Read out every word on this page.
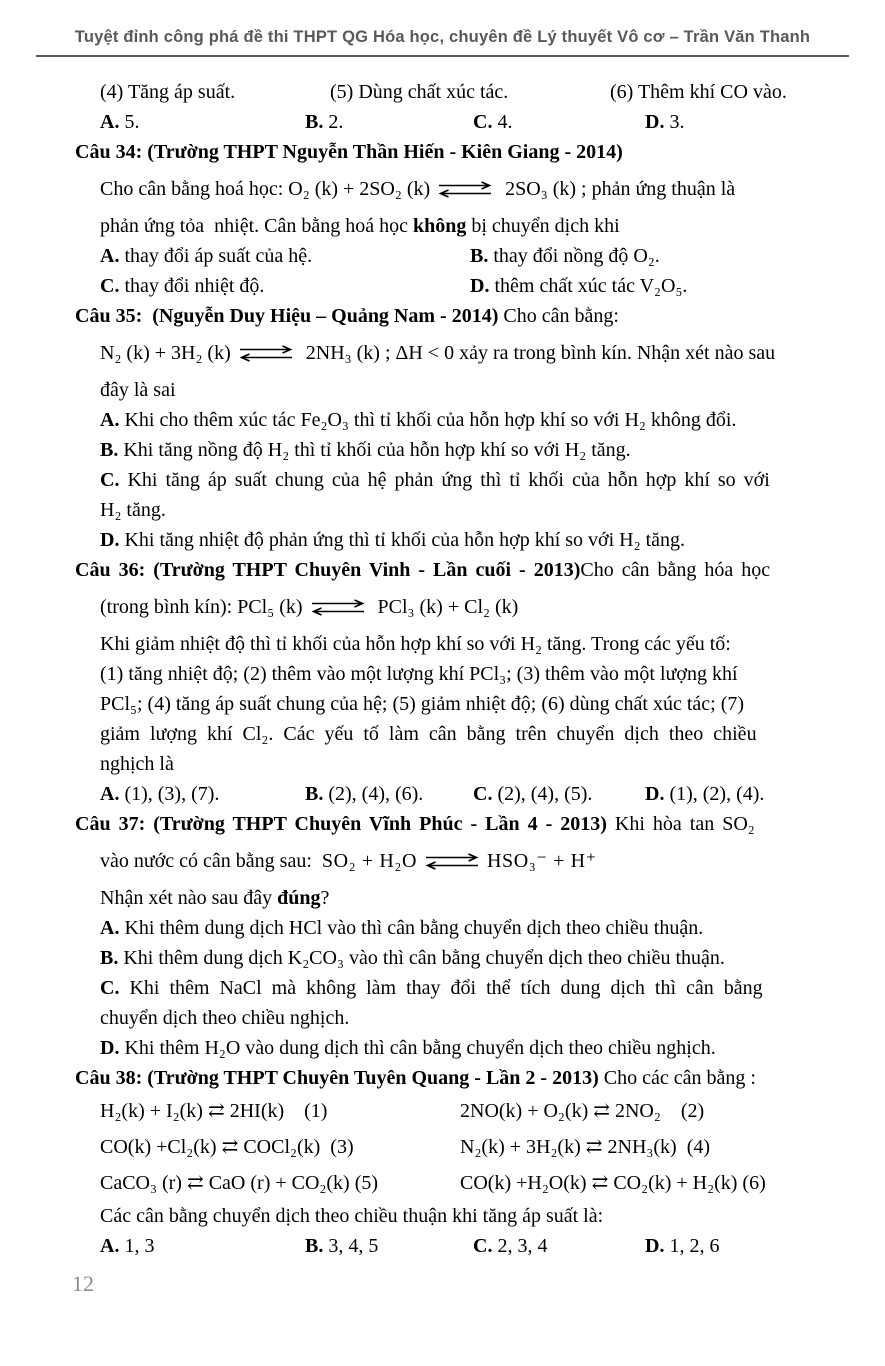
Tuyệt đỉnh công phá đề thi THPT QG Hóa học, chuyên đề Lý thuyết Vô cơ – Trần Văn Thanh
(4) Tăng áp suất.	(5) Dùng chất xúc tác.	(6) Thêm khí CO vào.
A. 5.	B. 2.	C. 4.	D. 3.
Câu 34: (Trường THPT Nguyễn Thần Hiến - Kiên Giang - 2014)
Cho cân bằng hoá học: O₂ (k) + 2SO₂ (k) ⇌ 2SO₃ (k) ; phản ứng thuận là
phản ứng tỏa  nhiệt. Cân bằng hoá học không bị chuyển dịch khi
A. thay đổi áp suất của hệ.	B. thay đổi nồng độ O₂.
C. thay đổi nhiệt độ.	D. thêm chất xúc tác V₂O₅.
Câu 35:  (Nguyễn Duy Hiệu – Quảng Nam - 2014) Cho cân bằng:
N₂ (k) + 3H₂ (k) ⇌ 2NH₃ (k) ; ΔH < 0 xảy ra trong bình kín. Nhận xét nào sau
đây là sai
A. Khi cho thêm xúc tác Fe₂O₃ thì tỉ khối của hỗn hợp khí so với H₂ không đổi.
B. Khi tăng nồng độ H₂ thì tỉ khối của hỗn hợp khí so với H₂ tăng.
C. Khi tăng áp suất chung của hệ phản ứng thì tỉ khối của hỗn hợp khí so với
H₂ tăng.
D. Khi tăng nhiệt độ phản ứng thì tỉ khối của hỗn hợp khí so với H₂ tăng.
Câu 36: (Trường THPT Chuyên Vinh - Lần cuối - 2013)Cho cân bằng hóa học
(trong bình kín): PCl₅ (k) ⇌ PCl₃ (k) + Cl₂ (k)
Khi giảm nhiệt độ thì tỉ khối của hỗn hợp khí so với H₂ tăng. Trong các yếu tố:
(1) tăng nhiệt độ; (2) thêm vào một lượng khí PCl₃; (3) thêm vào một lượng khí
PCl₅; (4) tăng áp suất chung của hệ; (5) giảm nhiệt độ; (6) dùng chất xúc tác; (7)
giảm lượng khí Cl₂. Các yếu tố làm cân bằng trên chuyển dịch theo chiều
nghịch là
A. (1), (3), (7).	B. (2), (4), (6).	C. (2), (4), (5).	D. (1), (2), (4).
Câu 37: (Trường THPT Chuyên Vĩnh Phúc - Lần 4 - 2013) Khi hòa tan SO₂
vào nước có cân bằng sau:  SO₂ + H₂O ⇌ HSO₃⁻ + H⁺
Nhận xét nào sau đây đúng?
A. Khi thêm dung dịch HCl vào thì cân bằng chuyển dịch theo chiều thuận.
B. Khi thêm dung dịch K₂CO₃ vào thì cân bằng chuyển dịch theo chiều thuận.
C. Khi thêm NaCl mà không làm thay đổi thể tích dung dịch thì cân bằng
chuyển dịch theo chiều nghịch.
D. Khi thêm H₂O vào dung dịch thì cân bằng chuyển dịch theo chiều nghịch.
Câu 38: (Trường THPT Chuyên Tuyên Quang - Lần 2 - 2013) Cho các cân bằng :
H₂(k) + I₂(k) ⇄ 2HI(k)    (1)	2NO(k) + O₂(k) ⇄ 2NO₂    (2)
CO(k) +Cl₂(k) ⇄ COCl₂(k)  (3)	N₂(k) + 3H₂(k) ⇄ 2NH₃(k)  (4)
CaCO₃ (r) ⇄ CaO (r) + CO₂(k) (5)	CO(k) +H₂O(k) ⇄ CO₂(k) + H₂(k) (6)
Các cân bằng chuyển dịch theo chiều thuận khi tăng áp suất là:
A. 1, 3	B. 3, 4, 5	C. 2, 3, 4	D. 1, 2, 6
12
